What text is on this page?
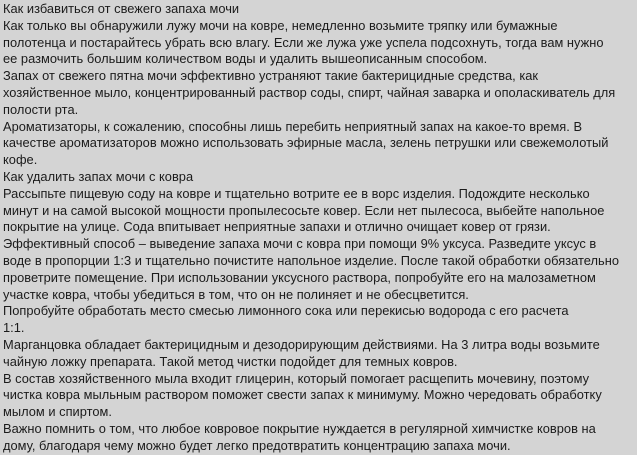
Как избавиться от свежего запаха мочи
Как только вы обнаружили лужу мочи на ковре, немедленно возьмите тряпку или бумажные
полотенца и постарайтесь убрать всю влагу. Если же лужа уже успела подсохнуть, тогда вам нужно
ее размочить большим количеством воды и удалить вышеописанным способом.
Запах от свежего пятна мочи эффективно устраняют такие бактерицидные средства, как
хозяйственное мыло, концентрированный раствор соды, спирт, чайная заварка и ополаскиватель для
полости рта.
Ароматизаторы, к сожалению, способны лишь перебить неприятный запах на какое-то время. В
качестве ароматизаторов можно использовать эфирные масла, зелень петрушки или свежемолотый
кофе.
Как удалить запах мочи с ковра
Рассыпьте пищевую соду на ковре и тщательно вотрите ее в ворс изделия. Подождите несколько
минут и на самой высокой мощности пропылесосьте ковер. Если нет пылесоса, выбейте напольное
покрытие на улице. Сода впитывает неприятные запахи и отлично очищает ковер от грязи.
Эффективный способ – выведение запаха мочи с ковра при помощи 9% уксуса. Разведите уксус в
воде в пропорции 1:3 и тщательно почистите напольное изделие. После такой обработки обязательно
проветрите помещение. При использовании уксусного раствора, попробуйте его на малозаметном
участке ковра, чтобы убедиться в том, что он не полиняет и не обесцветится.
Попробуйте обработать место смесью лимонного сока или перекисью водорода с его расчета
1:1.
Марганцовка обладает бактерицидным и дезодорирующим действиями. На 3 литра воды возьмите
чайную ложку препарата. Такой метод чистки подойдет для темных ковров.
В состав хозяйственного мыла входит глицерин, который помогает расщепить мочевину, поэтому
чистка ковра мыльным раствором поможет свести запах к минимуму. Можно чередовать обработку
мылом и спиртом.
Важно помнить о том, что любое ковровое покрытие нуждается в регулярной химчистке ковров на
дому, благодаря чему можно будет легко предотвратить концентрацию запаха мочи.
